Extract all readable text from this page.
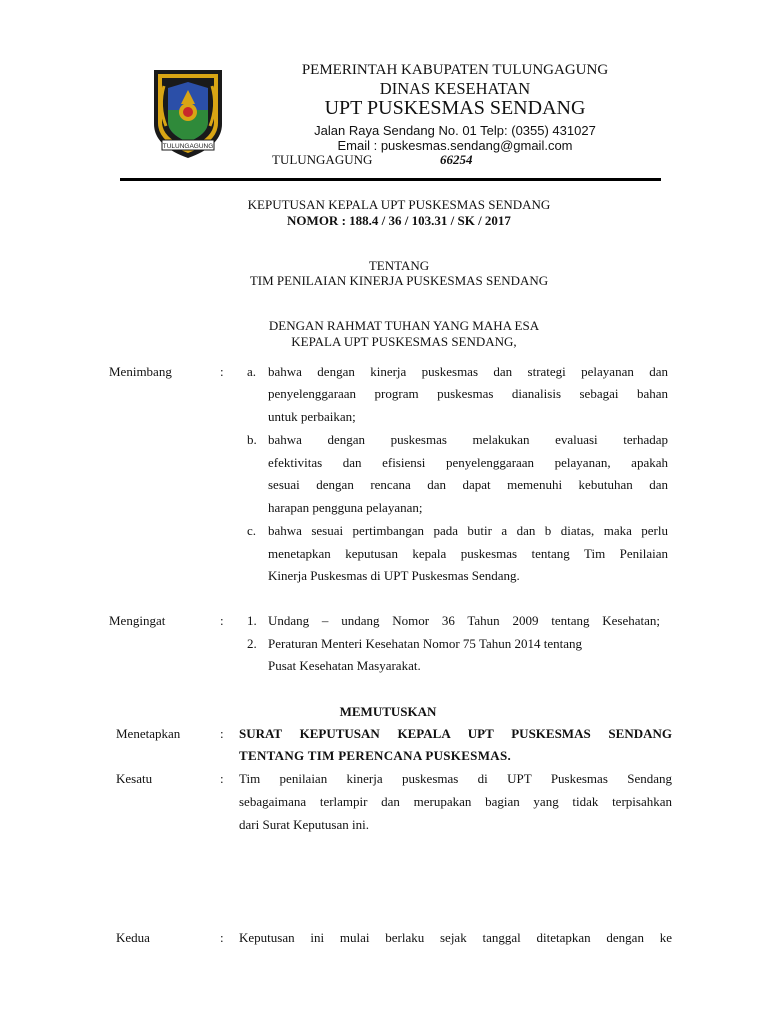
TULUNGAGUNG
PEMERINTAH KABUPATEN TULUNGAGUNG
DINAS KESEHATAN
UPT PUSKESMAS SENDANG
Jalan Raya Sendang No. 01 Telp: (0355) 431027
Email : puskesmas.sendang@gmail.com
TULUNGAGUNG	66254
KEPUTUSAN KEPALA UPT PUSKESMAS SENDANG
NOMOR : 188.4 / 36 / 103.31 / SK / 2017
TENTANG
TIM PENILAIAN KINERJA PUSKESMAS SENDANG
DENGAN RAHMAT TUHAN YANG MAHA ESA
KEPALA UPT PUSKESMAS SENDANG,
Menimbang	: a. bahwa dengan kinerja puskesmas dan strategi pelayanan dan
penyelenggaraan program puskesmas dianalisis sebagai bahan
untuk perbaikan;
b. bahwa dengan puskesmas melakukan evaluasi terhadap
efektivitas dan efisiensi penyelenggaraan pelayanan, apakah
sesuai dengan rencana dan dapat memenuhi kebutuhan dan
harapan pengguna pelayanan;
c. bahwa sesuai pertimbangan pada butir a dan b diatas, maka perlu
menetapkan keputusan kepala puskesmas tentang Tim Penilaian
Kinerja Puskesmas di UPT Puskesmas Sendang.
Mengingat	: 1. Undang – undang Nomor 36 Tahun 2009 tentang Kesehatan;
2. Peraturan Menteri Kesehatan Nomor 75 Tahun 2014 tentang
Pusat Kesehatan Masyarakat.
MEMUTUSKAN
Menetapkan	: SURAT KEPUTUSAN KEPALA UPT PUSKESMAS SENDANG
TENTANG TIM PERENCANA PUSKESMAS.
Kesatu	: Tim penilaian kinerja puskesmas di UPT Puskesmas Sendang
sebagaimana terlampir dan merupakan bagian yang tidak terpisahkan
dari Surat Keputusan ini.
Kedua	: Keputusan ini mulai berlaku sejak tanggal ditetapkan dengan ke
